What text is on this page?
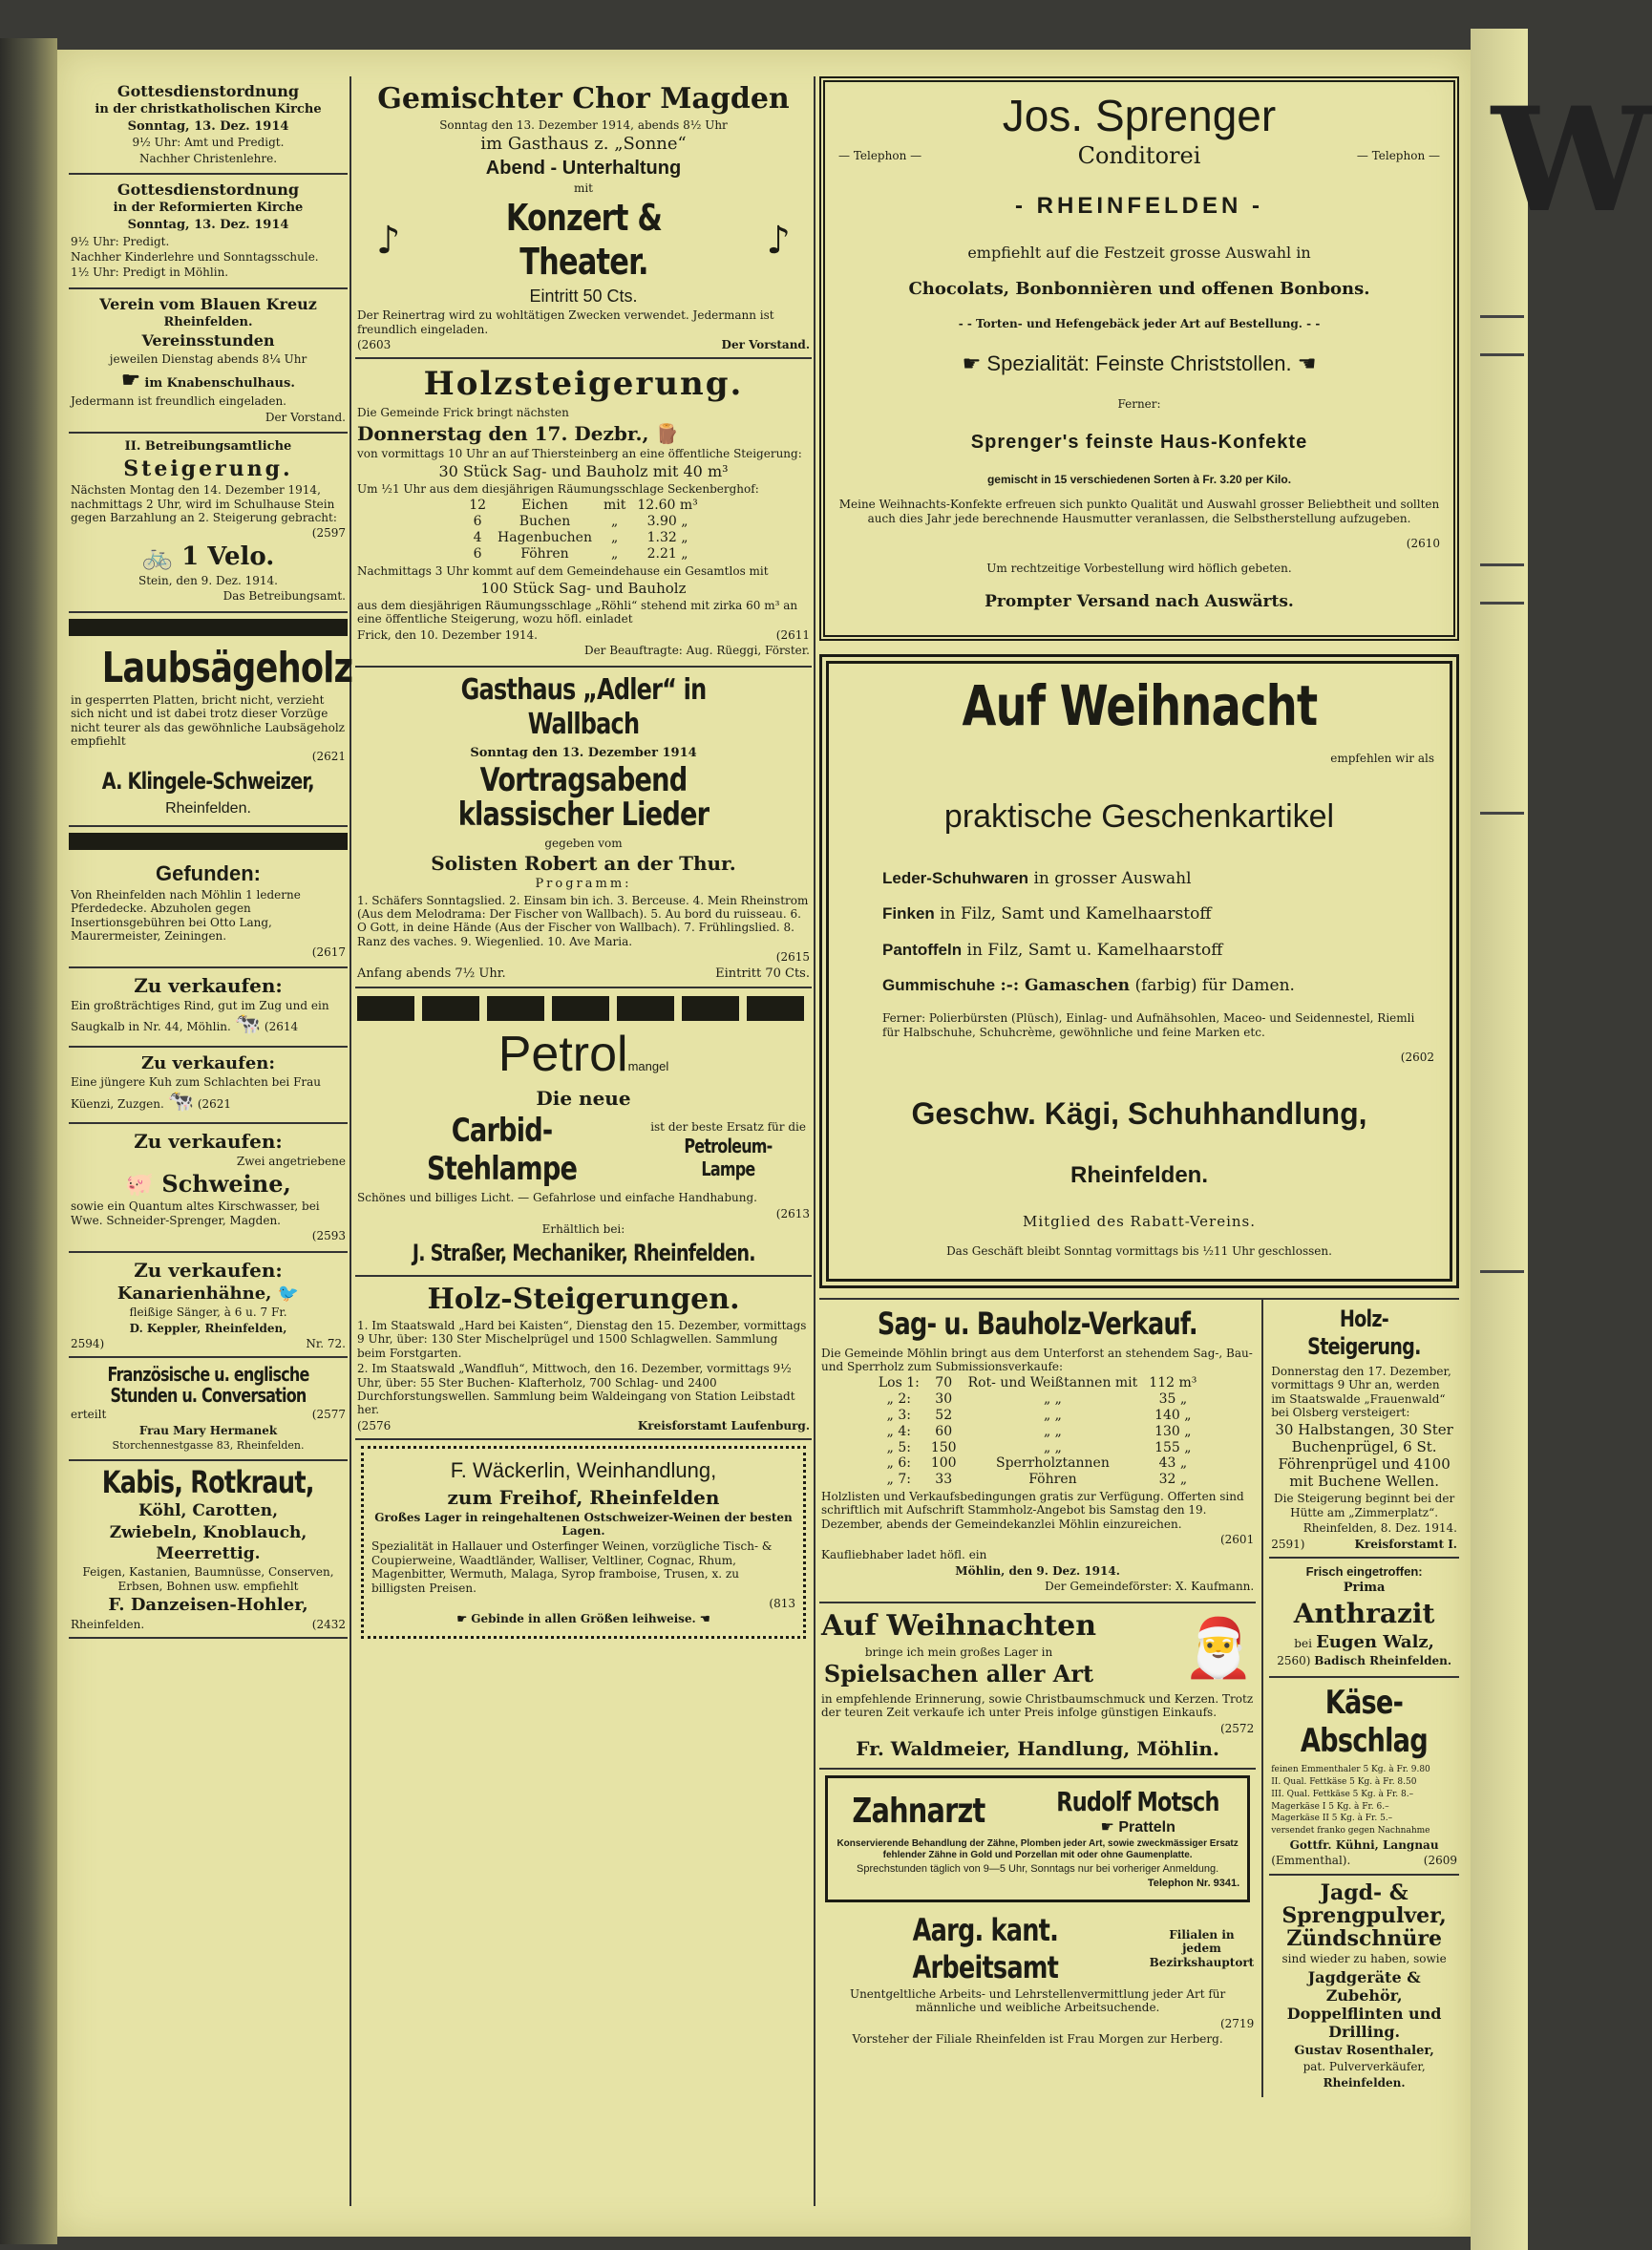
W

Gottesdienstordnung

in der christkatholischen Kirche

Sonntag, 13. Dez. 1914

9½ Uhr: Amt und Predigt.

Nachher Christenlehre.

Gottesdienstordnung

in der Reformierten Kirche

Sonntag, 13. Dez. 1914

9½ Uhr: Predigt.

Nachher Kinderlehre und Sonntagsschule.

1½ Uhr: Predigt in Möhlin.

Verein vom Blauen Kreuz

Rheinfelden.

Vereinsstunden

jeweilen Dienstag abends 8¼ Uhr

☛ im Knabenschulhaus.

Jedermann ist freundlich eingeladen.

Der Vorstand.

II. Betreibungsamtliche

Steigerung.

Nächsten Montag den 14. Dezember 1914, nachmittags 2 Uhr, wird im Schulhause Stein gegen Barzahlung an 2. Steigerung gebracht:

(2597

🚲 1 Velo.

Stein, den 9. Dez. 1914.

Das Betreibungsamt.

Laubsägeholz

in gesperrten Platten, bricht nicht, verzieht sich nicht und ist dabei trotz dieser Vorzüge nicht teurer als das gewöhnliche Laubsägeholz empfiehlt

(2621

A. Klingele-Schweizer,

Rheinfelden.

Gefunden:

Von Rheinfelden nach Möhlin 1 lederne Pferdedecke. Abzuholen gegen Insertionsgebühren bei Otto Lang, Maurermeister, Zeiningen.

(2617

Zu verkaufen:

Ein großträchtiges Rind, gut im Zug und ein Saugkalb in Nr. 44, Möhlin. 🐄 (2614

Zu verkaufen:

Eine jüngere Kuh zum Schlachten bei Frau Küenzi, Zuzgen. 🐄 (2621

Zu verkaufen:

Zwei angetriebene

🐖 Schweine,

sowie ein Quantum altes Kirschwasser, bei Wwe. Schneider-Sprenger, Magden.

(2593

Zu verkaufen:

Kanarienhähne, 🐦

fleißige Sänger, à 6 u. 7 Fr.

D. Keppler, Rheinfelden,

2594)	Nr. 72.

Französische u. englische Stunden u. Conversation

erteilt	(2577

Frau Mary Hermanek

Storchennestgasse 83, Rheinfelden.

Kabis, Rotkraut,

Köhl, Carotten,

Zwiebeln, Knoblauch,

Meerrettig.

Feigen, Kastanien, Baumnüsse, Conserven, Erbsen, Bohnen usw. empfiehlt

F. Danzeisen-Hohler,

Rheinfelden.	(2432

Gemischter Chor Magden

Sonntag den 13. Dezember 1914, abends 8½ Uhr

im Gasthaus z. „Sonne“

Abend - Unterhaltung

mit

♪
Konzert & Theater.	♪

Eintritt 50 Cts.

Der Reinertrag wird zu wohltätigen Zwecken verwendet. Jedermann ist freundlich eingeladen.

(2603	Der Vorstand.

Holzsteigerung.

Die Gemeinde Frick bringt nächsten

Donnerstag den 17. Dezbr., 🪵

von vormittags 10 Uhr an auf Thiersteinberg an eine öffentliche Steigerung:

30 Stück Sag- und Bauholz mit 40 m³

Um ½1 Uhr aus dem diesjährigen Räumungsschlage Seckenberghof:

12	Eichen	mit	12.60 m³
6	Buchen	„	3.90 „
4	Hagenbuchen	„	1.32 „
6	Föhren	„	2.21 „

Nachmittags 3 Uhr kommt auf dem Gemeindehause ein Gesamtlos mit

100 Stück Sag- und Bauholz

aus dem diesjährigen Räumungsschlage „Röhli“ stehend mit zirka 60 m³ an eine öffentliche Steigerung, wozu höfl. einladet

Frick, den 10. Dezember 1914.	(2611

Der Beauftragte: Aug. Rüeggi, Förster.

Gasthaus „Adler“ in Wallbach

Sonntag den 13. Dezember 1914

Vortragsabend klassischer Lieder

gegeben vom

Solisten Robert an der Thur.

Programm:

1. Schäfers Sonntagslied. 2. Einsam bin ich. 3. Berceuse. 4. Mein Rheinstrom (Aus dem Melodrama: Der Fischer von Wallbach). 5. Au bord du ruisseau. 6. O Gott, in deine Hände (Aus der Fischer von Wallbach). 7. Frühlingslied. 8. Ranz des vaches. 9. Wiegenlied. 10. Ave Maria.

(2615

Anfang abends 7½ Uhr.	Eintritt 70 Cts.

Petrolmangel

Die neue

Carbid-Stehlampe
ist der beste Ersatz für die
Petroleum-Lampe

Schönes und billiges Licht. — Gefahrlose und einfache Handhabung.

(2613

Erhältlich bei:

J. Straßer, Mechaniker, Rheinfelden.

Holz-Steigerungen.

1. Im Staatswald „Hard bei Kaisten“, Dienstag den 15. Dezember, vormittags 9 Uhr, über: 130 Ster Mischelprügel und 1500 Schlagwellen. Sammlung beim Forstgarten.

2. Im Staatswald „Wandfluh“, Mittwoch, den 16. Dezember, vormittags 9½ Uhr, über: 55 Ster Buchen- Klafterholz, 700 Schlag- und 2400 Durchforstungswellen. Sammlung beim Waldeingang von Station Leibstadt her.

(2576	Kreisforstamt Laufenburg.

F. Wäckerlin, Weinhandlung,

zum Freihof, Rheinfelden

Großes Lager in reingehaltenen Ostschweizer-Weinen der besten Lagen.

Spezialität in Hallauer und Osterfinger Weinen, vorzügliche Tisch- & Coupierweine, Waadtländer, Walliser, Veltliner, Cognac, Rhum, Magenbitter, Wermuth, Malaga, Syrop framboise, Trusen, x. zu billigsten Preisen.

(813

☛ Gebinde in allen Größen leihweise. ☚

Jos. Sprenger

— Telephon —	Conditorei	— Telephon —

- RHEINFELDEN -

empfiehlt auf die Festzeit grosse Auswahl in

Chocolats, Bonbonnièren und offenen Bonbons.

- - Torten- und Hefengebäck jeder Art auf Bestellung. - -

☛ Spezialität: Feinste Christstollen. ☚

Ferner:

Sprenger's feinste Haus-Konfekte

gemischt in 15 verschiedenen Sorten à Fr. 3.20 per Kilo.

Meine Weihnachts-Konfekte erfreuen sich punkto Qualität und Auswahl grosser Beliebtheit und sollten auch dies Jahr jede berechnende Hausmutter veranlassen, die Selbstherstellung aufzugeben.

(2610

Um rechtzeitige Vorbestellung wird höflich gebeten.

Prompter Versand nach Auswärts.

Auf Weihnacht

empfehlen wir als

praktische Geschenkartikel

Leder-Schuhwaren in grosser Auswahl

Finken in Filz, Samt und Kamelhaarstoff

Pantoffeln in Filz, Samt u. Kamelhaarstoff

Gummischuhe :-: Gamaschen (farbig) für Damen.

Ferner: Polierbürsten (Plüsch), Einlag- und Aufnähsohlen, Maceo- und Seidennestel, Riemli für Halbschuhe, Schuhcrème, gewöhnliche und feine Marken etc.

(2602

Geschw. Kägi, Schuhhandlung,

Rheinfelden.

Mitglied des Rabatt-Vereins.

Das Geschäft bleibt Sonntag vormittags bis ½11 Uhr geschlossen.

Sag- u. Bauholz-Verkauf.

Die Gemeinde Möhlin bringt aus dem Unterforst an stehendem Sag-, Bau- und Sperrholz zum Submissionsverkaufe:

Los 1:	70	Rot- und Weißtannen mit	112 m³
„ 2:	30	„ „	35 „
„ 3:	52	„ „	140 „
„ 4:	60	„ „	130 „
„ 5:	150	„ „	155 „
„ 6:	100	Sperrholztannen	43 „
„ 7:	33	Föhren	32 „

Holzlisten und Verkaufsbedingungen gratis zur Verfügung. Offerten sind schriftlich mit Aufschrift Stammholz-Angebot bis Samstag den 19. Dezember, abends der Gemeindekanzlei Möhlin einzureichen.

(2601

Kaufliebhaber ladet höfl. ein

Möhlin, den 9. Dez. 1914.

Der Gemeindeförster: X. Kaufmann.

Auf Weihnachten

bringe ich mein großes Lager in

Spielsachen aller Art 🎅

in empfehlende Erinnerung, sowie Christbaumschmuck und Kerzen. Trotz der teuren Zeit verkaufe ich unter Preis infolge günstigen Einkaufs.

(2572

Fr. Waldmeier, Handlung, Möhlin.

Zahnarzt	Rudolf Motsch
☛ Pratteln

Konservierende Behandlung der Zähne, Plomben jeder Art, sowie zweckmässiger Ersatz fehlender Zähne in Gold und Porzellan mit oder ohne Gaumenplatte.

Sprechstunden täglich von 9—5 Uhr, Sonntags nur bei vorheriger Anmeldung.

Telephon Nr. 9341.

Aarg. kant. Arbeitsamt
Filialen in jedem Bezirkshauptort

Unentgeltliche Arbeits- und Lehrstellenvermittlung jeder Art für männliche und weibliche Arbeitsuchende.

(2719

Vorsteher der Filiale Rheinfelden ist Frau Morgen zur Herberg.

Holz-Steigerung.

Donnerstag den 17. Dezember, vormittags 9 Uhr an, werden im Staatswalde „Frauenwald“ bei Olsberg versteigert:

30 Halbstangen, 30 Ster Buchenprügel, 6 St. Föhrenprügel und 4100 mit Buchene Wellen.

Die Steigerung beginnt bei der Hütte am „Zimmerplatz“.

Rheinfelden, 8. Dez. 1914.

2591)	Kreisforstamt I.

Frisch eingetroffen:

Prima

Anthrazit

bei Eugen Walz,

2560) Badisch Rheinfelden.

Käse-Abschlag

feinen Emmenthaler 5 Kg. à Fr. 9.80

II. Qual. Fettkäse 5 Kg. à Fr. 8.50

III. Qual. Fettkäse 5 Kg. à Fr. 8.–

Magerkäse I 5 Kg. à Fr. 6.–

Magerkäse II 5 Kg. à Fr. 5.–

versendet franko gegen Nachnahme

Gottfr. Kühni, Langnau

(Emmenthal).	(2609

Jagd- & Sprengpulver, Zündschnüre

sind wieder zu haben, sowie

Jagdgeräte & Zubehör, Doppelflinten und Drilling.

Gustav Rosenthaler,

pat. Pulververkäufer,

Rheinfelden.
